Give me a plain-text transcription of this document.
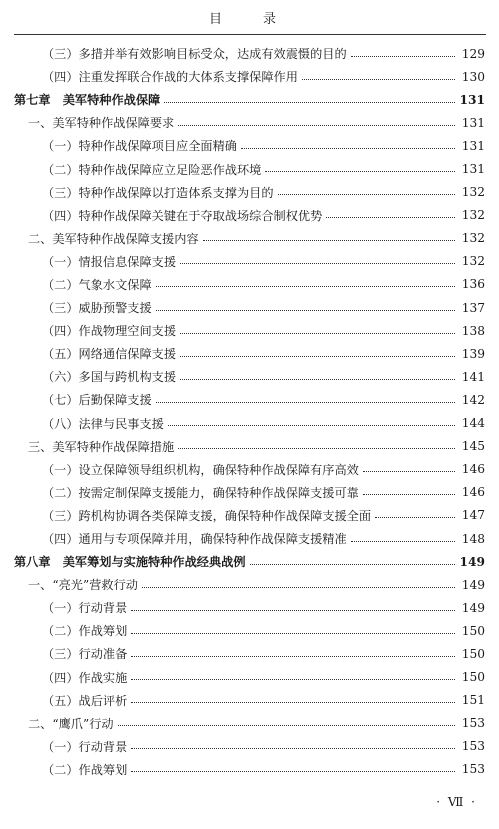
目　录
（三）多措并举有效影响目标受众，达成有效震慑的目的	129
（四）注重发挥联合作战的大体系支撑保障作用	130
第七章　美军特种作战保障	131
一、美军特种作战保障要求	131
（一）特种作战保障项目应全面精确	131
（二）特种作战保障应立足险恶作战环境	131
（三）特种作战保障以打造体系支撑为目的	132
（四）特种作战保障关键在于夺取战场综合制权优势	132
二、美军特种作战保障支援内容	132
（一）情报信息保障支援	132
（二）气象水文保障	136
（三）威胁预警支援	137
（四）作战物理空间支援	138
（五）网络通信保障支援	139
（六）多国与跨机构支援	141
（七）后勤保障支援	142
（八）法律与民事支援	144
三、美军特种作战保障措施	145
（一）设立保障领导组织机构，确保特种作战保障有序高效	146
（二）按需定制保障支援能力，确保特种作战保障支援可靠	146
（三）跨机构协调各类保障支援，确保特种作战保障支援全面	147
（四）通用与专项保障并用，确保特种作战保障支援精准	148
第八章　美军筹划与实施特种作战经典战例	149
一、“亮光”营救行动	149
（一）行动背景	149
（二）作战筹划	150
（三）行动准备	150
（四）作战实施	150
（五）战后评析	151
二、“鹰爪”行动	153
（一）行动背景	153
（二）作战筹划	153
· Ⅶ ·
